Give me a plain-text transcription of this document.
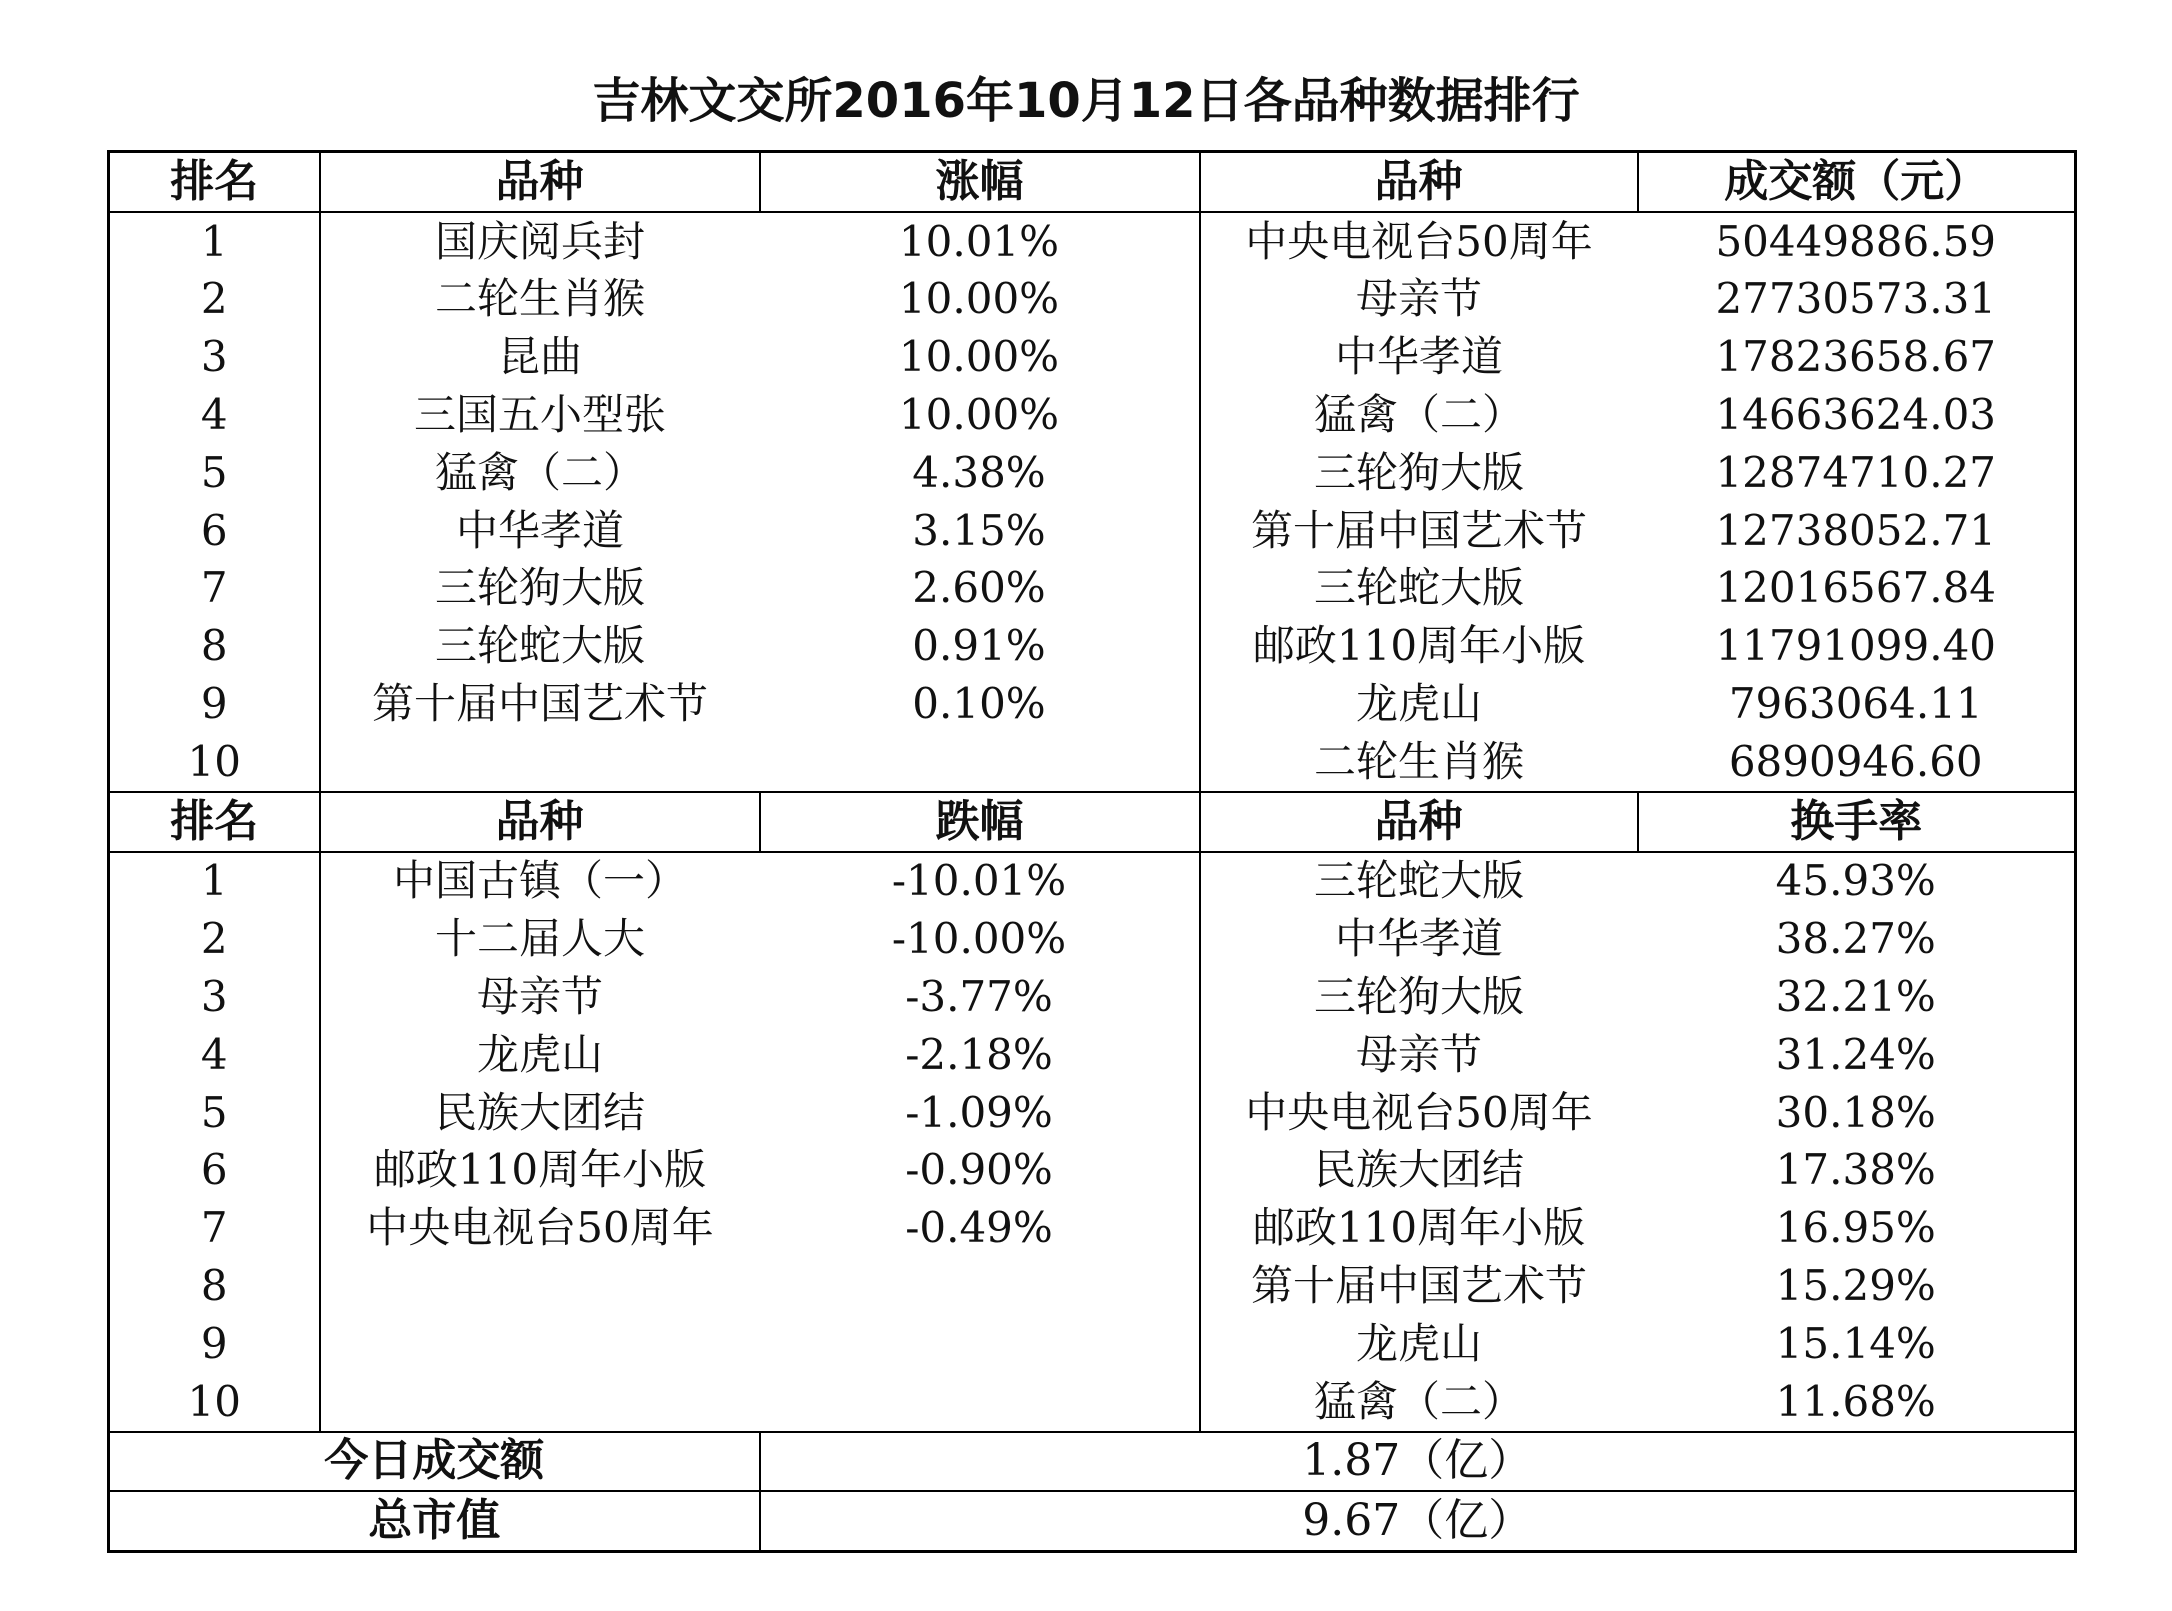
吉林文交所2016年10月12日各品种数据排行
排名	品种	涨幅	品种	成交额（元）
1	国庆阅兵封	10.01%	中央电视台50周年	50449886.59
2	二轮生肖猴	10.00%	母亲节	27730573.31
3	昆曲	10.00%	中华孝道	17823658.67
4	三国五小型张	10.00%	猛禽（二）	14663624.03
5	猛禽（二）	4.38%	三轮狗大版	12874710.27
6	中华孝道	3.15%	第十届中国艺术节	12738052.71
7	三轮狗大版	2.60%	三轮蛇大版	12016567.84
8	三轮蛇大版	0.91%	邮政110周年小版	11791099.40
9	第十届中国艺术节	0.10%	龙虎山	7963064.11
10			二轮生肖猴	6890946.60
排名	品种	跌幅	品种	换手率
1	中国古镇（一）	-10.01%	三轮蛇大版	45.93%
2	十二届人大	-10.00%	中华孝道	38.27%
3	母亲节	-3.77%	三轮狗大版	32.21%
4	龙虎山	-2.18%	母亲节	31.24%
5	民族大团结	-1.09%	中央电视台50周年	30.18%
6	邮政110周年小版	-0.90%	民族大团结	17.38%
7	中央电视台50周年	-0.49%	邮政110周年小版	16.95%
8			第十届中国艺术节	15.29%
9			龙虎山	15.14%
10			猛禽（二）	11.68%
今日成交额		1.87（亿）		
总市值		9.67（亿）		
